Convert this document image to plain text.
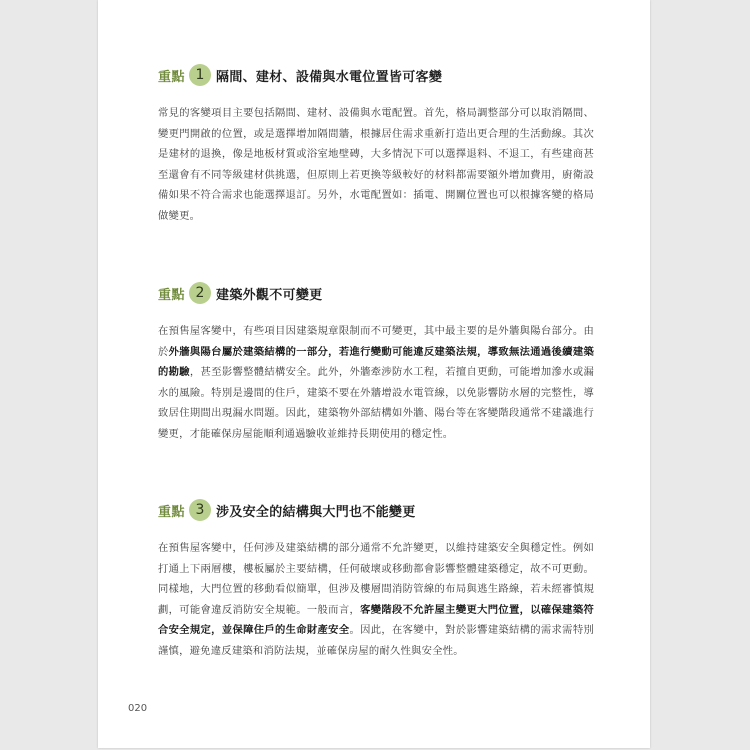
重點 1 隔間、建材、設備與水電位置皆可客變
常見的客變項目主要包括隔間、建材、設備與水電配置。首先，格局調整部分可以取消隔間、變更門開啟的位置，或是選擇增加隔間牆，根據居住需求重新打造出更合理的生活動線。其次是建材的退換，像是地板材質或浴室地壁磚，大多情況下可以選擇退料、不退工，有些建商甚至還會有不同等級建材供挑選，但原則上若更換等級較好的材料都需要額外增加費用，廚衛設備如果不符合需求也能選擇退訂。另外，水電配置如：插電、開關位置也可以根據客變的格局做變更。
重點 2 建築外觀不可變更
在預售屋客變中，有些項目因建築規章限制而不可變更，其中最主要的是外牆與陽台部分。由於外牆與陽台屬於建築結構的一部分，若進行變動可能違反建築法規，導致無法通過後續建築的勘驗，甚至影響整體結構安全。此外，外牆牽涉防水工程，若擅自更動，可能增加滲水或漏水的風險。特別是邊間的住戶，建築不要在外牆增設水電管線，以免影響防水層的完整性，導致居住期間出現漏水問題。因此，建築物外部結構如外牆、陽台等在客變階段通常不建議進行變更，才能確保房屋能順利通過驗收並維持長期使用的穩定性。
重點 3 涉及安全的結構與大門也不能變更
在預售屋客變中，任何涉及建築結構的部分通常不允許變更，以維持建築安全與穩定性。例如打通上下兩層樓，樓板屬於主要結構，任何破壞或移動都會影響整體建築穩定，故不可更動。同樣地，大門位置的移動看似簡單，但涉及樓層間消防管線的布局與逃生路線，若未經審慎規劃，可能會違反消防安全規範。一般而言，客變階段不允許屋主變更大門位置，以確保建築符合安全規定，並保障住戶的生命財產安全。因此，在客變中，對於影響建築結構的需求需特別謹慎，避免違反建築和消防法規，並確保房屋的耐久性與安全性。
020
